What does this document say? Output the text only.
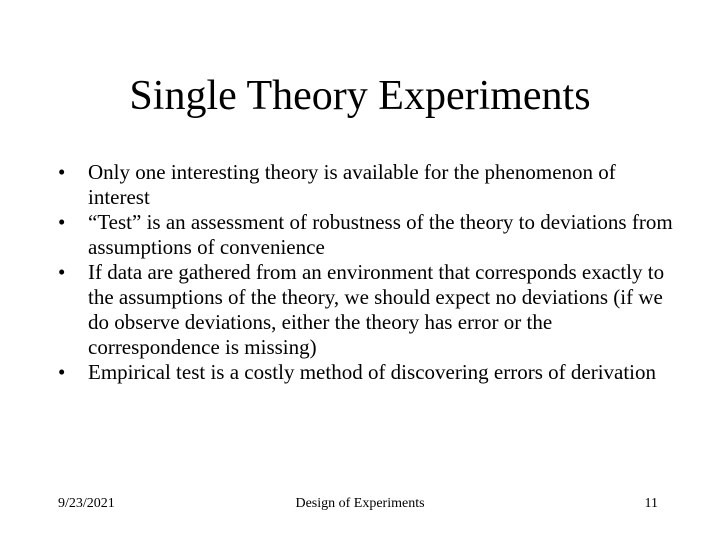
Single Theory Experiments
• Only one interesting theory is available for the phenomenon of interest
• “Test” is an assessment of robustness of the theory to deviations from assumptions of convenience
• If data are gathered from an environment that corresponds exactly to the assumptions of the theory, we should expect no deviations (if we do observe deviations, either the theory has error or the correspondence is missing)
• Empirical test is a costly method of discovering errors of derivation
9/23/2021	Design of Experiments	11
